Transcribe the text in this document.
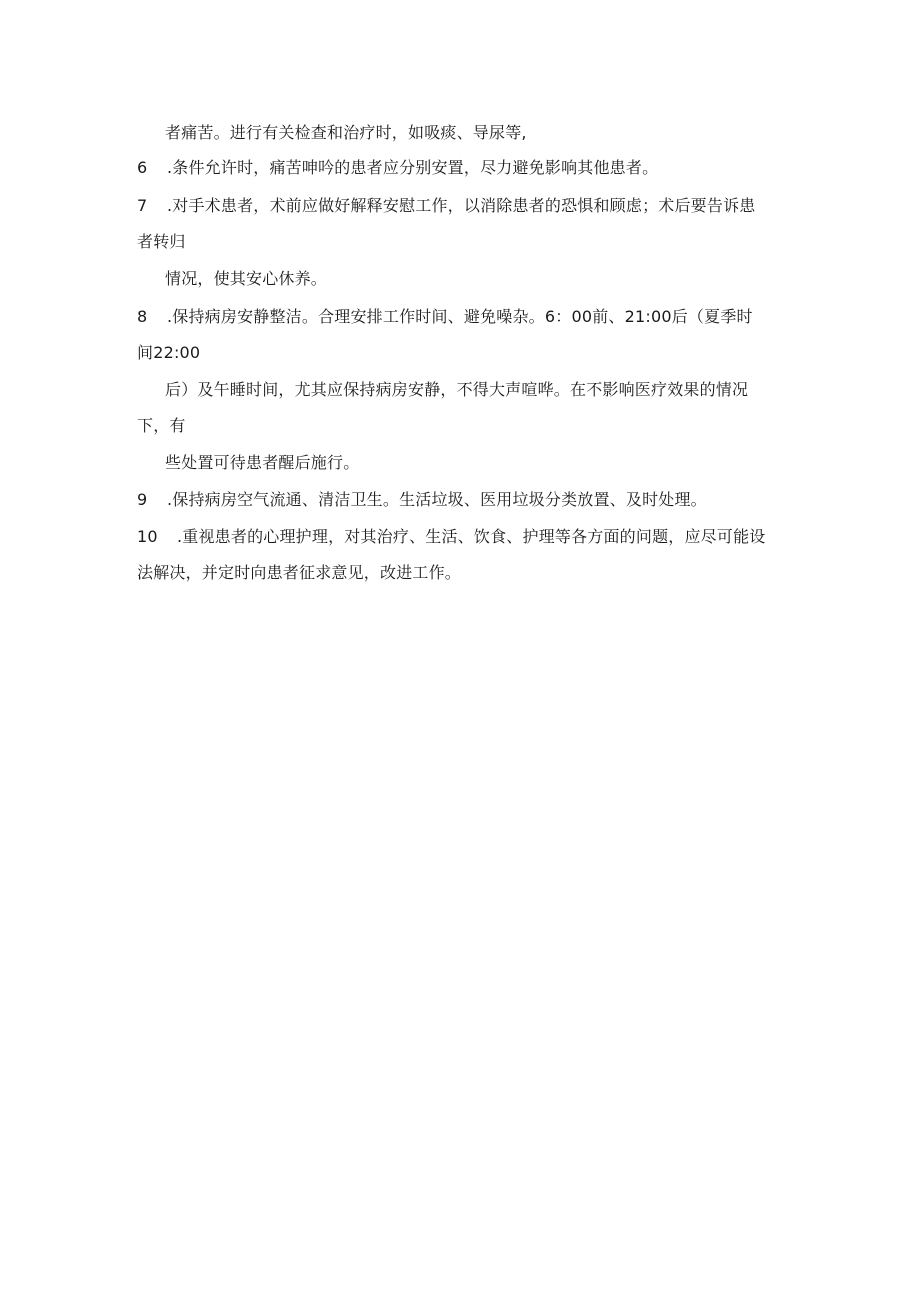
者痛苦。进行有关检查和治疗时，如吸痰、导尿等,
6 .条件允许时，痛苦呻吟的患者应分别安置，尽力避免影响其他患者。
7 .对手术患者，术前应做好解释安慰工作，以消除患者的恐惧和顾虑；术后要告诉患
者转归
情况，使其安心休养。
8 .保持病房安静整洁。合理安排工作时间、避免噪杂。6：00前、21:00后（夏季时
间22:00
后）及午睡时间，尤其应保持病房安静，不得大声喧哗。在不影响医疗效果的情况
下，有
些处置可待患者醒后施行。
9 .保持病房空气流通、清洁卫生。生活垃圾、医用垃圾分类放置、及时处理。
10 .重视患者的心理护理，对其治疗、生活、饮食、护理等各方面的问题，应尽可能设
法解决，并定时向患者征求意见，改进工作。
